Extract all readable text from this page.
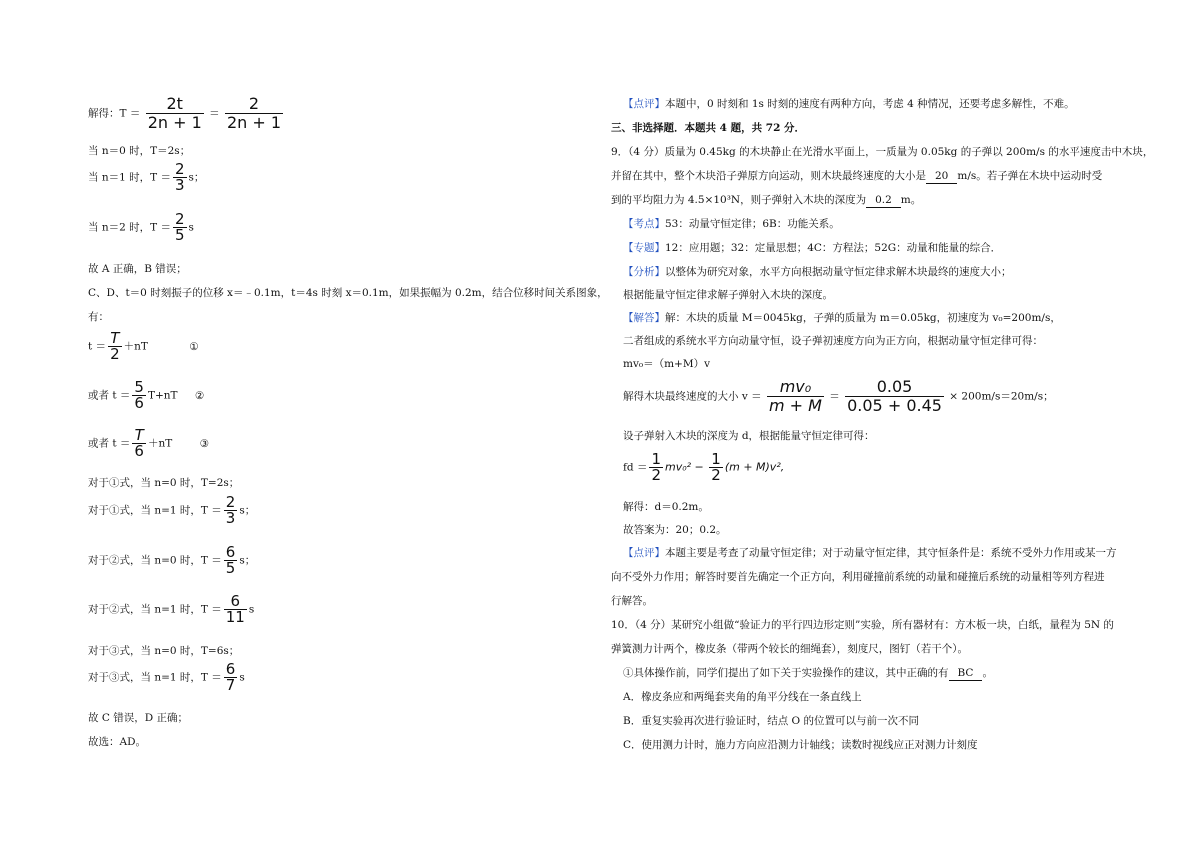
解得：$T = \frac{2t}{2n + 1} = \frac{2}{2n + 1}$
当 n＝0 时，T＝2s；
当 n＝1 时，$T = \frac{2}{3}$ s；
当 n＝2 时，$T = \frac{2}{5}$ s
故 A 正确，B 错误；
C、D、t＝0 时刻振子的位移 x＝﹣0.1m，t＝4s 时刻 x＝0.1m，如果振幅为 0.2m，结合位移时间关系图象，
有：
$t = \frac{T}{2} +nT$	①
或者 $t = \frac{5}{6} T+nT$ ②
或者 $t = \frac{T}{6} +nT$	③
对于①式，当 n=0 时，T=2s；
对于①式，当 n=1 时，$T = \frac{2}{3}$ s；
对于②式，当 n=0 时，$T = \frac{6}{5}$ s；
对于②式，当 n=1 时，$T = \frac{6}{11}$ s
对于③式，当 n=0 时，T=6s；
对于③式，当 n=1 时，$T = \frac{6}{7}$ s
故 C 错误，D 正确；
故选：AD。
【点评】本题中，0 时刻和 1s 时刻的速度有两种方向，考虑 4 种情况，还要考虑多解性，不难。
三、非选择题．本题共 4 题，共 72 分．
9．（4 分）质量为 0.45kg 的木块静止在光滑水平面上，一质量为 0.05kg 的子弹以 200m/s 的水平速度击中木块，
并留在其中，整个木块沿子弹原方向运动，则木块最终速度的大小是 20 m/s。若子弹在木块中运动时受
到的平均阻力为 4.5×10³N，则子弹射入木块的深度为 0.2 m。
【考点】53：动量守恒定律；6B：功能关系。
【专题】12：应用题；32：定量思想；4C：方程法；52G：动量和能量的综合．
【分析】以整体为研究对象，水平方向根据动量守恒定律求解木块最终的速度大小；
根据能量守恒定律求解子弹射入木块的深度。
【解答】解：木块的质量 M＝0045kg，子弹的质量为 m＝0.05kg，初速度为 v₀=200m/s，
二者组成的系统水平方向动量守恒，设子弹初速度方向为正方向，根据动量守恒定律可得：
mv₀＝（m+M）v
解得木块最终速度的大小 $v = \frac{\text{mv₀}}{m + M} = \frac{0.05}{0.05 + 0.45} \times 200m/s=20m/s$；
设子弹射入木块的深度为 d，根据能量守恒定律可得：
fd ＝ $\frac{1}{2} mv_0^2 - \frac{1}{2} (m + M)v^2$,
解得：d＝0.2m。
故答案为：20；0.2。
【点评】本题主要是考查了动量守恒定律；对于动量守恒定律，其守恒条件是：系统不受外力作用或某一方
向不受外力作用；解答时要首先确定一个正方向，利用碰撞前系统的动量和碰撞后系统的动量相等列方程进
行解答。
10．（4 分）某研究小组做“验证力的平行四边形定则”实验，所有器材有：方木板一块，白纸，量程为 5N 的
弹簧测力计两个，橡皮条（带两个较长的细绳套），刻度尺，图钉（若干个）。
①具体操作前，同学们提出了如下关于实验操作的建议，其中正确的有 BC 。
A．橡皮条应和两绳套夹角的角平分线在一条直线上
B．重复实验再次进行验证时，结点 O 的位置可以与前一次不同
C．使用测力计时，施力方向应沿测力计轴线；读数时视线应正对测力计刻度
